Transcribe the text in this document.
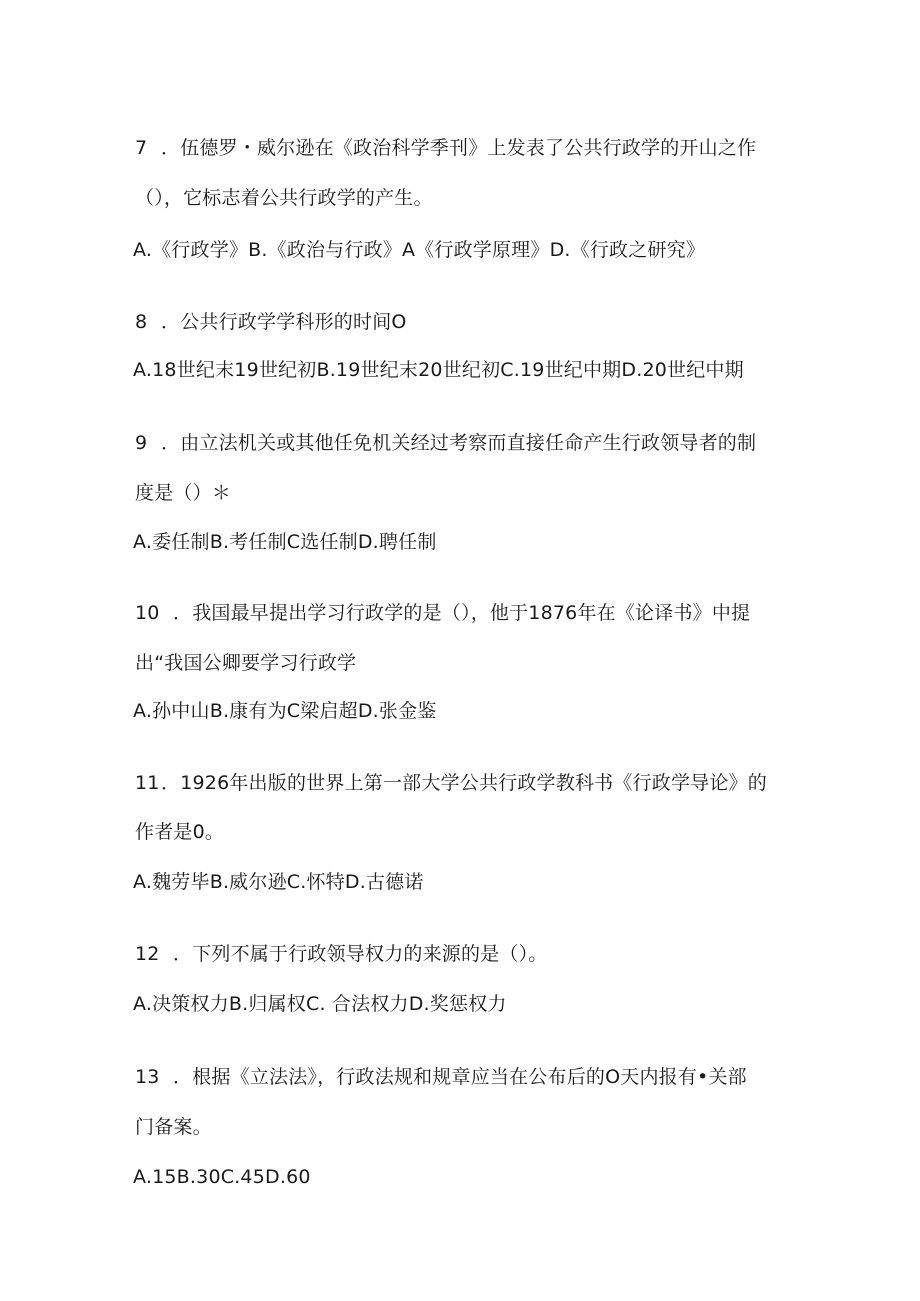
7 ．伍德罗・威尔逊在《政治科学季刊》上发表了公共行政学的开山之作
（），它标志着公共行政学的产生。
A.《行政学》B.《政治与行政》A《行政学原理》D.《行政之研究》
8 ．公共行政学学科形的时间O
A.18世纪末19世纪初B.19世纪末20世纪初C.19世纪中期D.20世纪中期
9 ．由立法机关或其他任免机关经过考察而直接任命产生行政领导者的制
度是（）＊
A.委任制B.考任制C选任制D.聘任制
10 ．我国最早提出学习行政学的是（），他于1876年在《论译书》中提
出“我国公卿要学习行政学
A.孙中山B.康有为C梁启超D.张金鉴
11．1926年出版的世界上第一部大学公共行政学教科书《行政学导论》的
作者是0。
A.魏劳毕B.威尔逊C.怀特D.古德诺
12 ．下列不属于行政领导权力的来源的是（）。
A.决策权力B.归属权C. 合法权力D.奖惩权力
13 ．根据《立法法》，行政法规和规章应当在公布后的O天内报有•关部
门备案。
A.15B.30C.45D.60
